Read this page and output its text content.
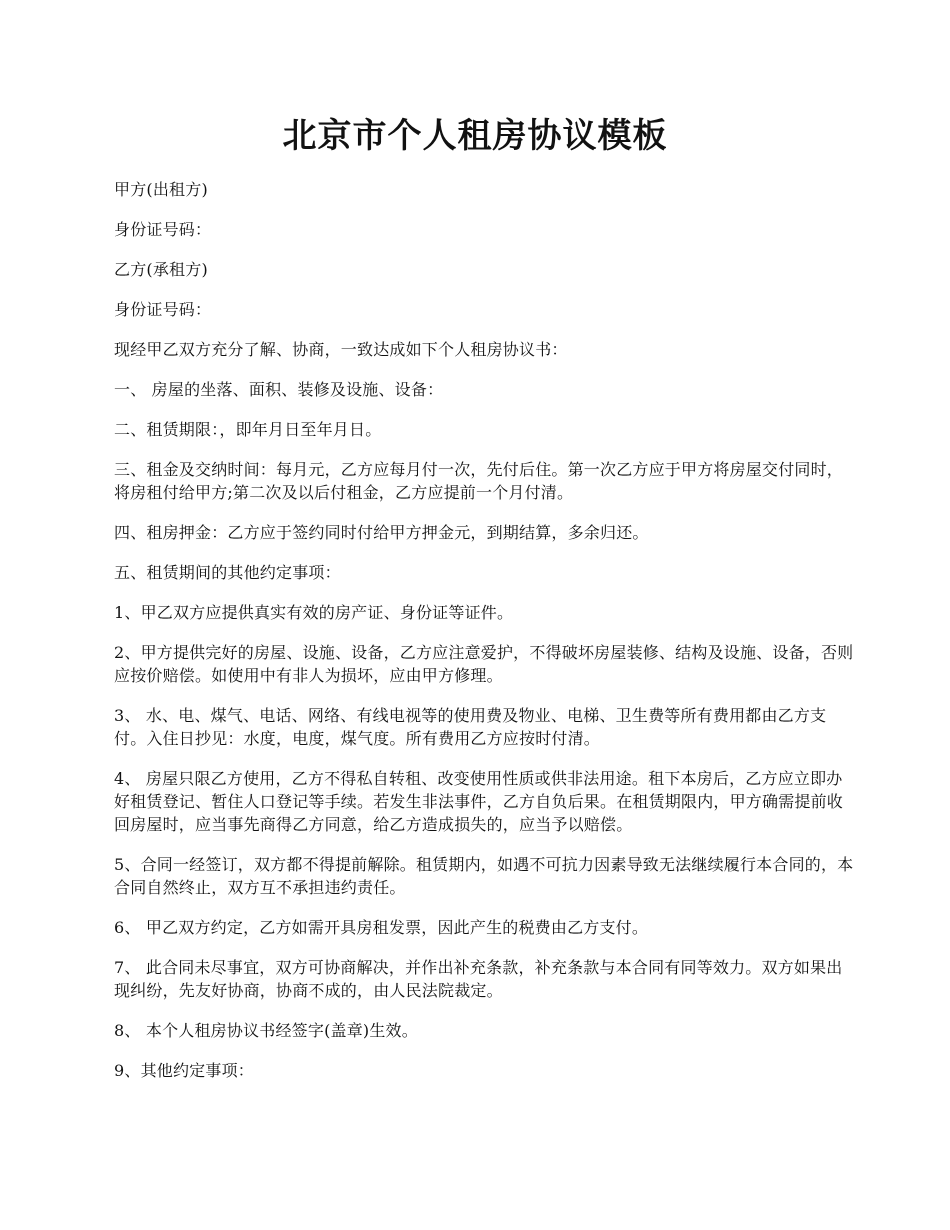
北京市个人租房协议模板

甲方(出租方)

身份证号码：

乙方(承租方)

身份证号码：

现经甲乙双方充分了解、协商，一致达成如下个人租房协议书：

一、 房屋的坐落、面积、装修及设施、设备：

二、租赁期限：，即年月日至年月日。

三、租金及交纳时间：每月元，乙方应每月付一次，先付后住。第一次乙方应于甲方将房屋交付同时，将房租付给甲方;第二次及以后付租金，乙方应提前一个月付清。

四、租房押金：乙方应于签约同时付给甲方押金元，到期结算，多余归还。

五、租赁期间的其他约定事项：

1、甲乙双方应提供真实有效的房产证、身份证等证件。

2、甲方提供完好的房屋、设施、设备，乙方应注意爱护，不得破坏房屋装修、结构及设施、设备，否则应按价赔偿。如使用中有非人为损坏，应由甲方修理。

3、 水、电、煤气、电话、网络、有线电视等的使用费及物业、电梯、卫生费等所有费用都由乙方支付。入住日抄见：水度，电度，煤气度。所有费用乙方应按时付清。

4、 房屋只限乙方使用，乙方不得私自转租、改变使用性质或供非法用途。租下本房后，乙方应立即办好租赁登记、暂住人口登记等手续。若发生非法事件，乙方自负后果。在租赁期限内，甲方确需提前收回房屋时，应当事先商得乙方同意，给乙方造成损失的，应当予以赔偿。

5、合同一经签订，双方都不得提前解除。租赁期内，如遇不可抗力因素导致无法继续履行本合同的，本合同自然终止，双方互不承担违约责任。

6、 甲乙双方约定，乙方如需开具房租发票，因此产生的税费由乙方支付。

7、 此合同未尽事宜，双方可协商解决，并作出补充条款，补充条款与本合同有同等效力。双方如果出现纠纷，先友好协商，协商不成的，由人民法院裁定。

8、 本个人租房协议书经签字(盖章)生效。

9、其他约定事项：
